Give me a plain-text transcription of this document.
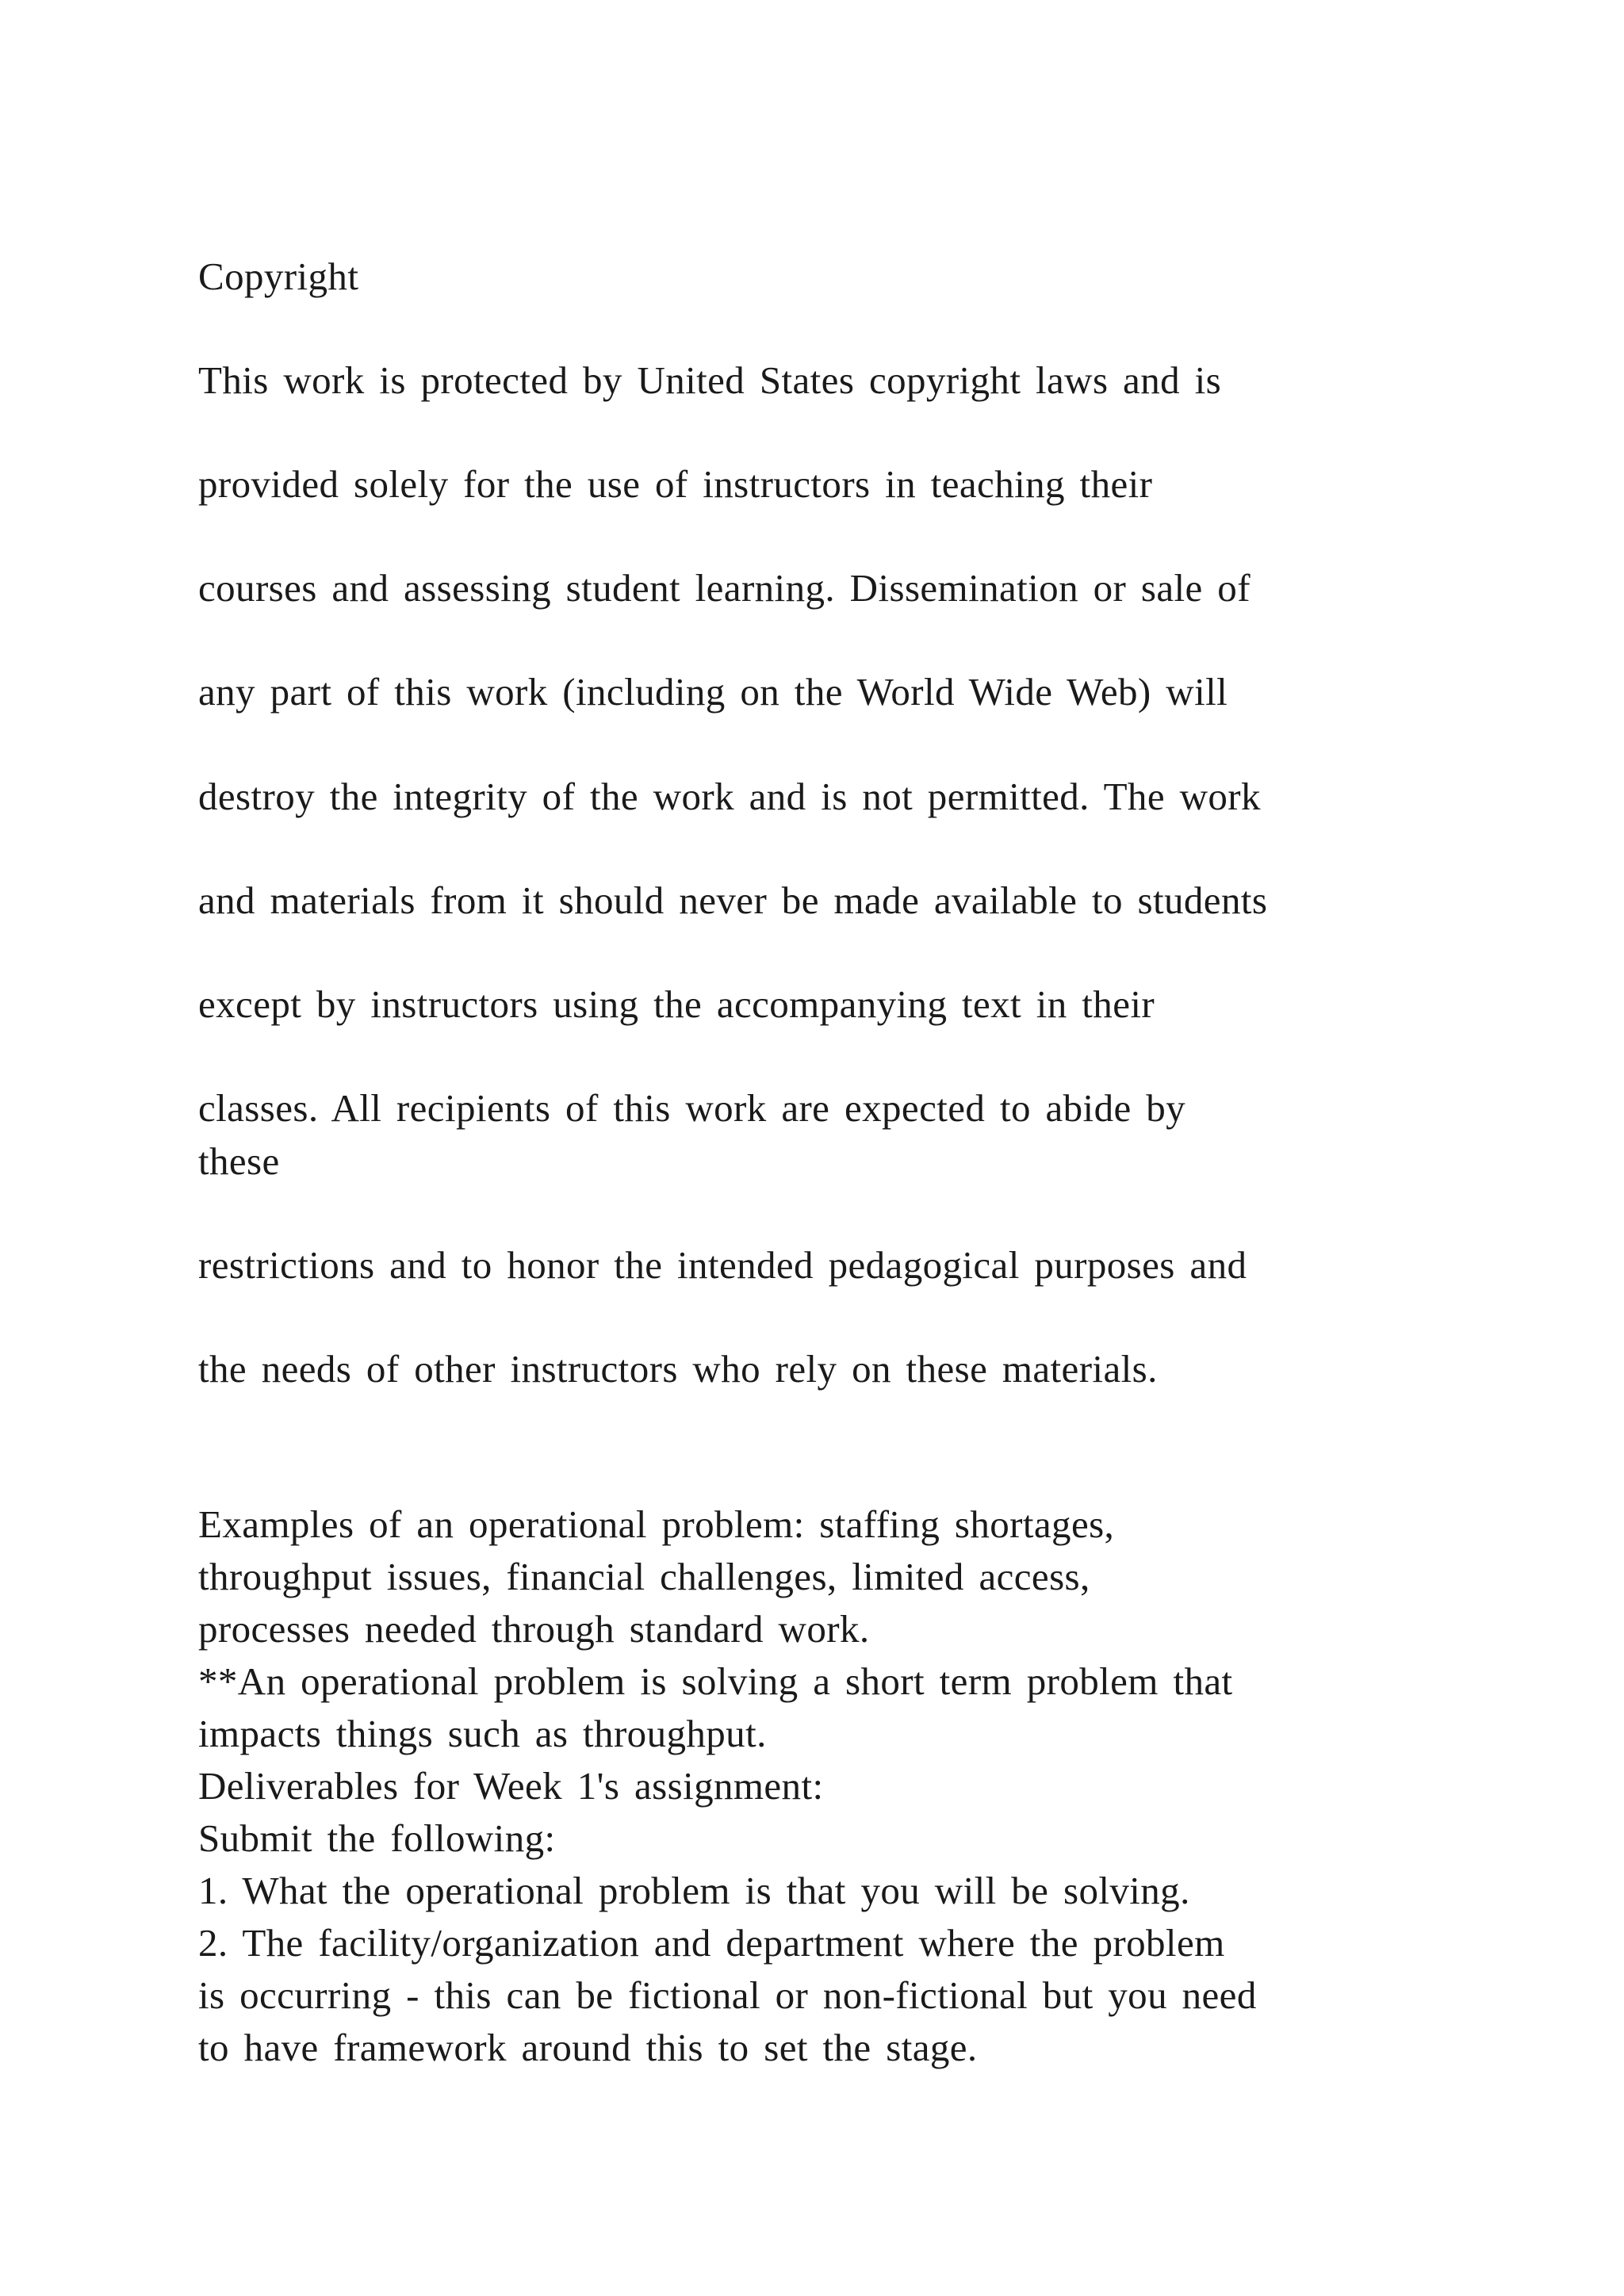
Copyright
This work is protected by United States copyright laws and is
provided solely for the use of instructors in teaching their
courses and assessing student learning. Dissemination or sale of
any part of this work (including on the World Wide Web) will
destroy the integrity of the work and is not permitted. The work
and materials from it should never be made available to students
except by instructors using the accompanying text in their
classes. All recipients of this work are expected to abide by
these
restrictions and to honor the intended pedagogical purposes and
the needs of other instructors who rely on these materials.
Examples of an operational problem: staffing shortages,
throughput issues, financial challenges, limited access,
processes needed through standard work.
**An operational problem is solving a short term problem that
impacts things such as throughput.
Deliverables for Week 1's assignment:
Submit the following:
1. What the operational problem is that you will be solving.
2. The facility/organization and department where the problem
is occurring - this can be fictional or non-fictional but you need
to have framework around this to set the stage.
